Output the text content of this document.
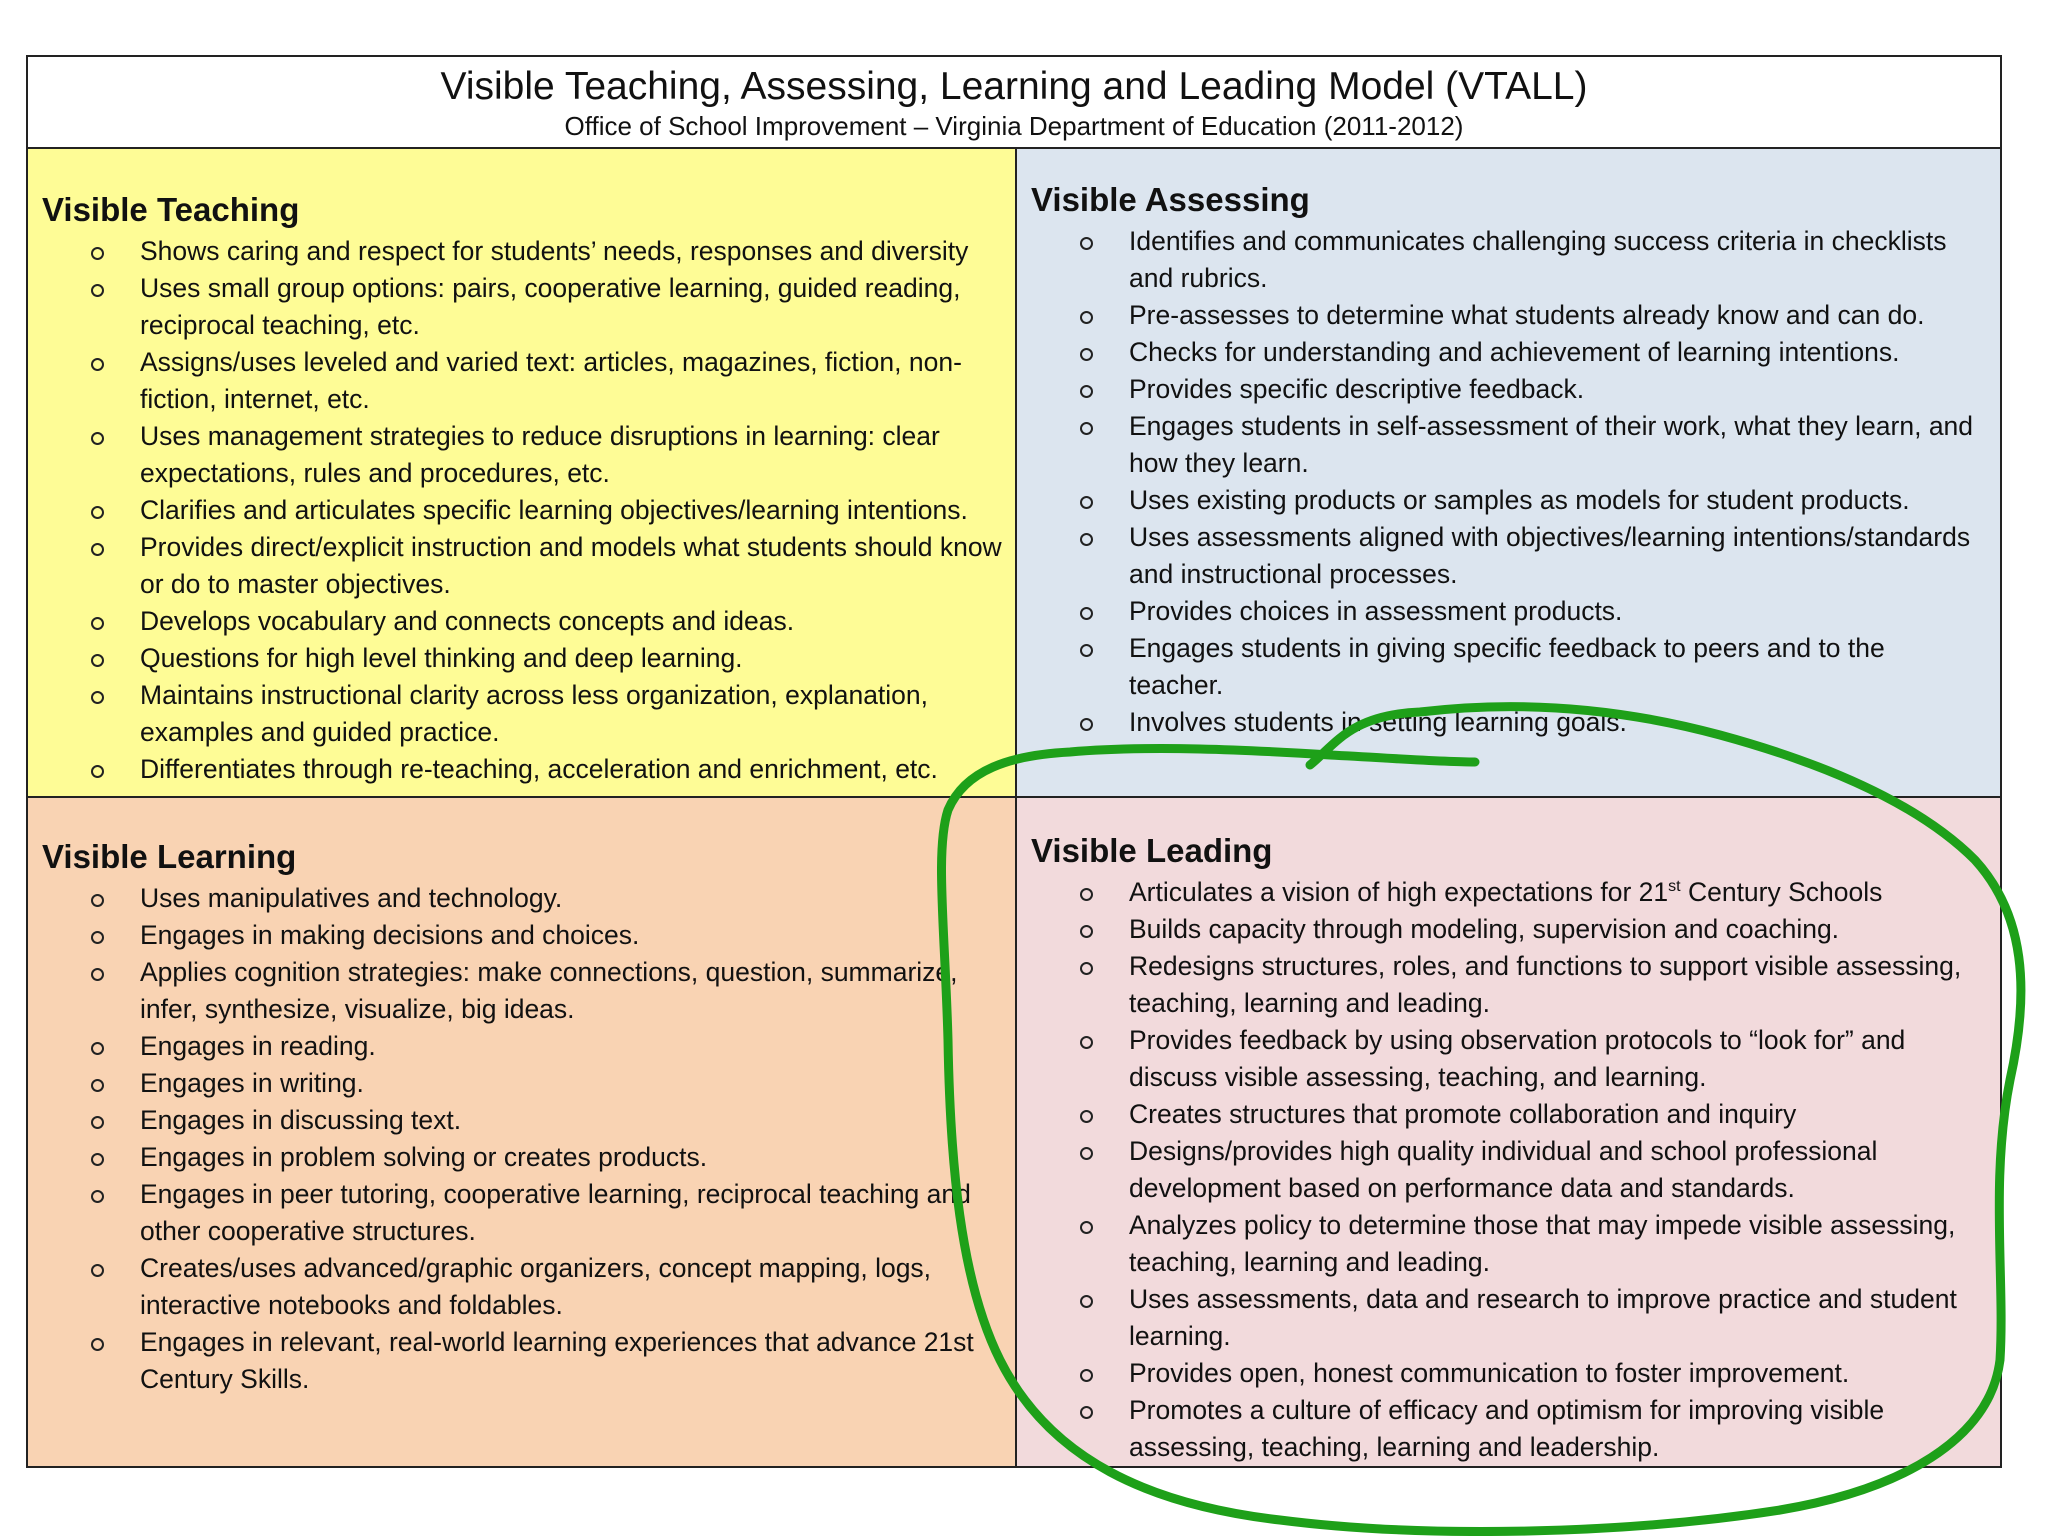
Visible Teaching, Assessing, Learning and Leading Model (VTALL)
Office of School Improvement – Virginia Department of Education (2011-2012)
Visible Teaching
Shows caring and respect for students’ needs, responses and diversity
Uses small group options: pairs, cooperative learning, guided reading, reciprocal teaching, etc.
Assigns/uses leveled and varied text: articles, magazines, fiction, non-fiction, internet, etc.
Uses management strategies to reduce disruptions in learning: clear expectations, rules and procedures, etc.
Clarifies and articulates specific learning objectives/learning intentions.
Provides direct/explicit instruction and models what students should know or do to master objectives.
Develops vocabulary and connects concepts and ideas.
Questions for high level thinking and deep learning.
Maintains instructional clarity across less organization, explanation, examples and guided practice.
Differentiates through re-teaching, acceleration and enrichment, etc.
Visible Assessing
Identifies and communicates challenging success criteria in checklists and rubrics.
Pre-assesses to determine what students already know and can do.
Checks for understanding and achievement of learning intentions.
Provides specific descriptive feedback.
Engages students in self-assessment of their work, what they learn, and how they learn.
Uses existing products or samples as models for student products.
Uses assessments aligned with objectives/learning intentions/standards and instructional processes.
Provides choices in assessment products.
Engages students in giving specific feedback to peers and to the teacher.
Involves students in setting learning goals.
Visible Learning
Uses manipulatives and technology.
Engages in making decisions and choices.
Applies cognition strategies: make connections, question, summarize, infer, synthesize, visualize, big ideas.
Engages in reading.
Engages in writing.
Engages in discussing text.
Engages in problem solving or creates products.
Engages in peer tutoring, cooperative learning, reciprocal teaching and other cooperative structures.
Creates/uses advanced/graphic organizers, concept mapping, logs, interactive notebooks and foldables.
Engages in relevant, real-world learning experiences that advance 21st Century Skills.
Visible Leading
Articulates a vision of high expectations for 21st Century Schools
Builds capacity through modeling, supervision and coaching.
Redesigns structures, roles, and functions to support visible assessing, teaching, learning and leading.
Provides feedback by using observation protocols to “look for” and discuss visible assessing, teaching, and learning.
Creates structures that promote collaboration and inquiry
Designs/provides high quality individual and school professional development based on performance data and standards.
Analyzes policy to determine those that may impede visible assessing, teaching, learning and leading.
Uses assessments, data and research to improve practice and student learning.
Provides open, honest communication to foster improvement.
Promotes a culture of efficacy and optimism for improving visible assessing, teaching, learning and leadership.
